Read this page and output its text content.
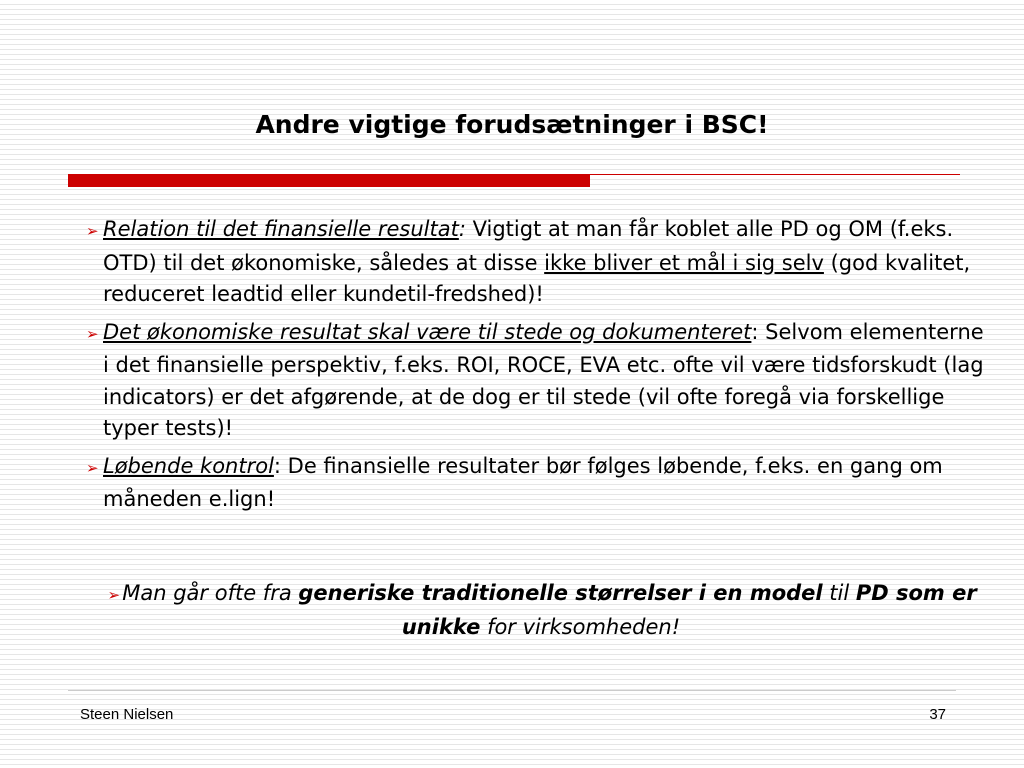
Andre vigtige forudsætninger i BSC!
➢ Relation til det finansielle resultat: Vigtigt at man får koblet alle PD og OM (f.eks. OTD) til det økonomiske, således at disse ikke bliver et mål i sig selv (god kvalitet, reduceret leadtid eller kundetil-fredshed)!
➢ Det økonomiske resultat skal være til stede og dokumenteret: Selvom elementerne i det finansielle perspektiv, f.eks. ROI, ROCE, EVA etc. ofte vil være tidsforskudt (lag indicators) er det afgørende, at de dog er til stede (vil ofte foregå via forskellige typer tests)!
➢ Løbende kontrol: De finansielle resultater bør følges løbende, f.eks. en gang om måneden e.lign!

➢ Man går ofte fra generiske traditionelle størrelser i en model til PD som er unikke for virksomheden!

Steen Nielsen	37
